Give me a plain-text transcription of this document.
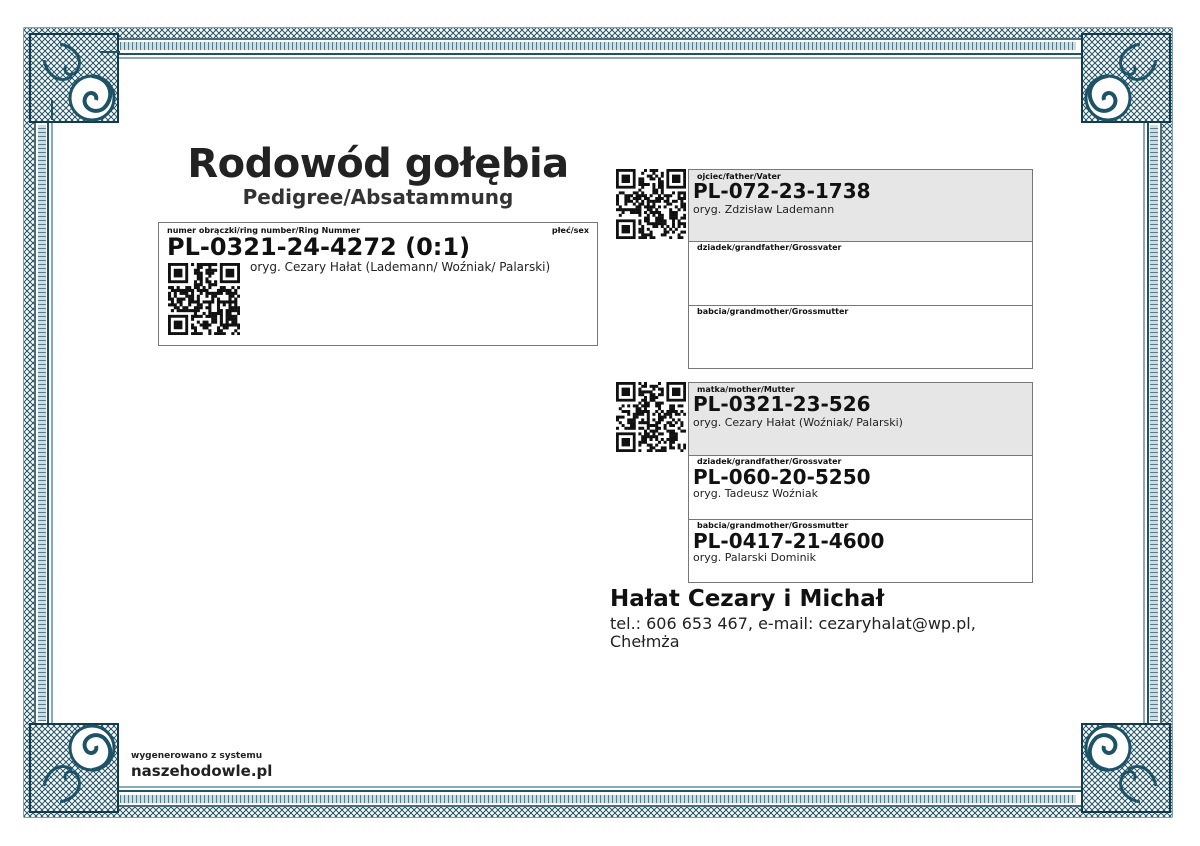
Rodowód gołębia
Pedigree/Absatammung
numer obrączki/ring number/Ring Nummer	płeć/sex
PL-0321-24-4272 (0:1)
oryg. Cezary Hałat (Lademann/ Woźniak/ Palarski)
ojciec/father/Vater
PL-072-23-1738
oryg. Zdzisław Lademann
dziadek/grandfather/Grossvater
babcia/grandmother/Grossmutter
matka/mother/Mutter
PL-0321-23-526
oryg. Cezary Hałat (Woźniak/ Palarski)
dziadek/grandfather/Grossvater
PL-060-20-5250
oryg. Tadeusz Woźniak
babcia/grandmother/Grossmutter
PL-0417-21-4600
oryg. Palarski Dominik
Hałat Cezary i Michał
tel.: 606 653 467, e-mail: cezaryhalat@wp.pl, Chełmża
wygenerowano z systemu
naszehodowle.pl
